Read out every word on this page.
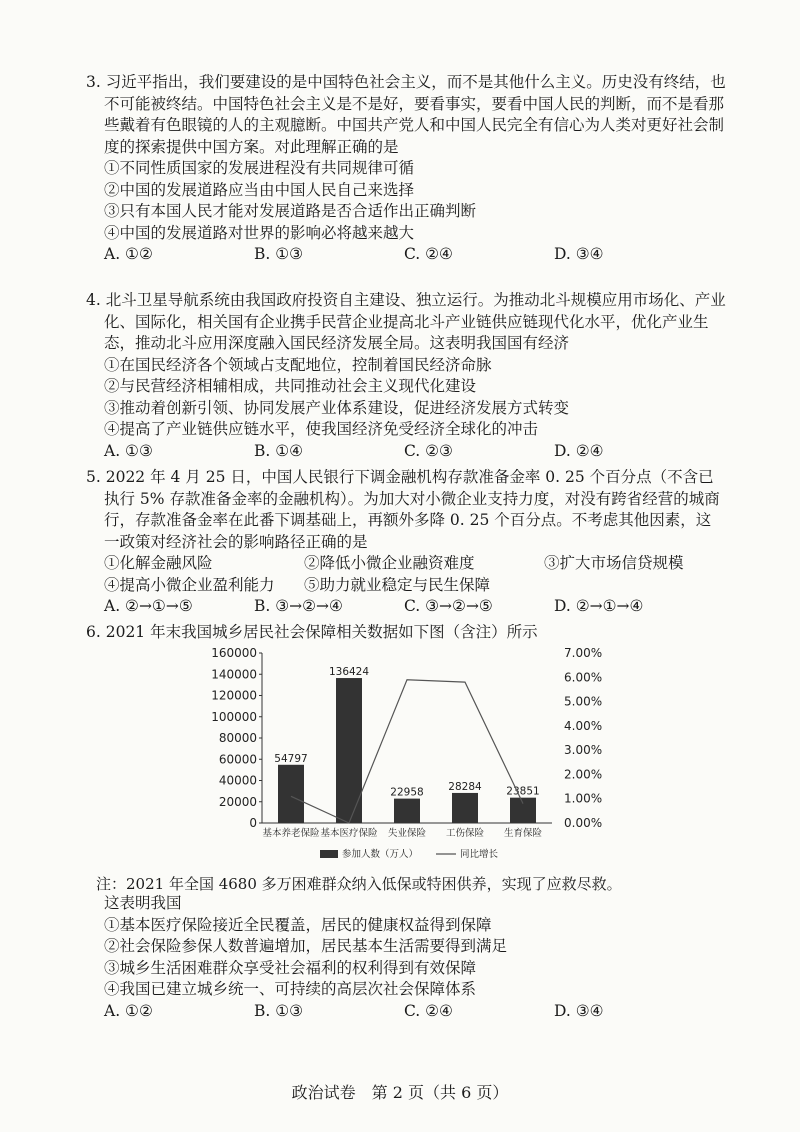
3. 习近平指出，我们要建设的是中国特色社会主义，而不是其他什么主义。历史没有终结，也不可能被终结。中国特色社会主义是不是好，要看事实，要看中国人民的判断，而不是看那些戴着有色眼镜的人的主观臆断。中国共产党人和中国人民完全有信心为人类对更好社会制度的探索提供中国方案。对此理解正确的是
①不同性质国家的发展进程没有共同规律可循
②中国的发展道路应当由中国人民自己来选择
③只有本国人民才能对发展道路是否合适作出正确判断
④中国的发展道路对世界的影响必将越来越大
A. ①②	B. ①③	C. ②④	D. ③④
4. 北斗卫星导航系统由我国政府投资自主建设、独立运行。为推动北斗规模应用市场化、产业化、国际化，相关国有企业携手民营企业提高北斗产业链供应链现代化水平，优化产业生态，推动北斗应用深度融入国民经济发展全局。这表明我国国有经济
①在国民经济各个领域占支配地位，控制着国民经济命脉
②与民营经济相辅相成，共同推动社会主义现代化建设
③推动着创新引领、协同发展产业体系建设，促进经济发展方式转变
④提高了产业链供应链水平，使我国经济免受经济全球化的冲击
A. ①③	B. ①④	C. ②③	D. ②④
5. 2022 年 4 月 25 日，中国人民银行下调金融机构存款准备金率 0. 25 个百分点（不含已执行 5% 存款准备金率的金融机构）。为加大对小微企业支持力度，对没有跨省经营的城商行，存款准备金率在此番下调基础上，再额外多降 0. 25 个百分点。不考虑其他因素，这一政策对经济社会的影响路径正确的是
①化解金融风险	②降低小微企业融资难度	③扩大市场信贷规模
④提高小微企业盈利能力	⑤助力就业稳定与民生保障
A. ②→①→⑤	B. ③→②→④	C. ③→②→⑤	D. ②→①→④
6. 2021 年末我国城乡居民社会保障相关数据如下图（含注）所示
0
20000
40000
60000
80000
100000
120000
140000
160000
0.00%
1.00%
2.00%
3.00%
4.00%
5.00%
6.00%
7.00%
54797
136424
22958 28284 23851
基本养老保险 基本医疗保险 失业保险 工伤保险 生育保险
参加人数（万人）	同比增长
注：2021 年全国 4680 多万困难群众纳入低保或特困供养，实现了应救尽救。
这表明我国
①基本医疗保险接近全民覆盖，居民的健康权益得到保障
②社会保险参保人数普遍增加，居民基本生活需要得到满足
③城乡生活困难群众享受社会福利的权利得到有效保障
④我国已建立城乡统一、可持续的高层次社会保障体系
A. ①②	B. ①③	C. ②④	D. ③④
政治试卷　第 2 页（共 6 页）
